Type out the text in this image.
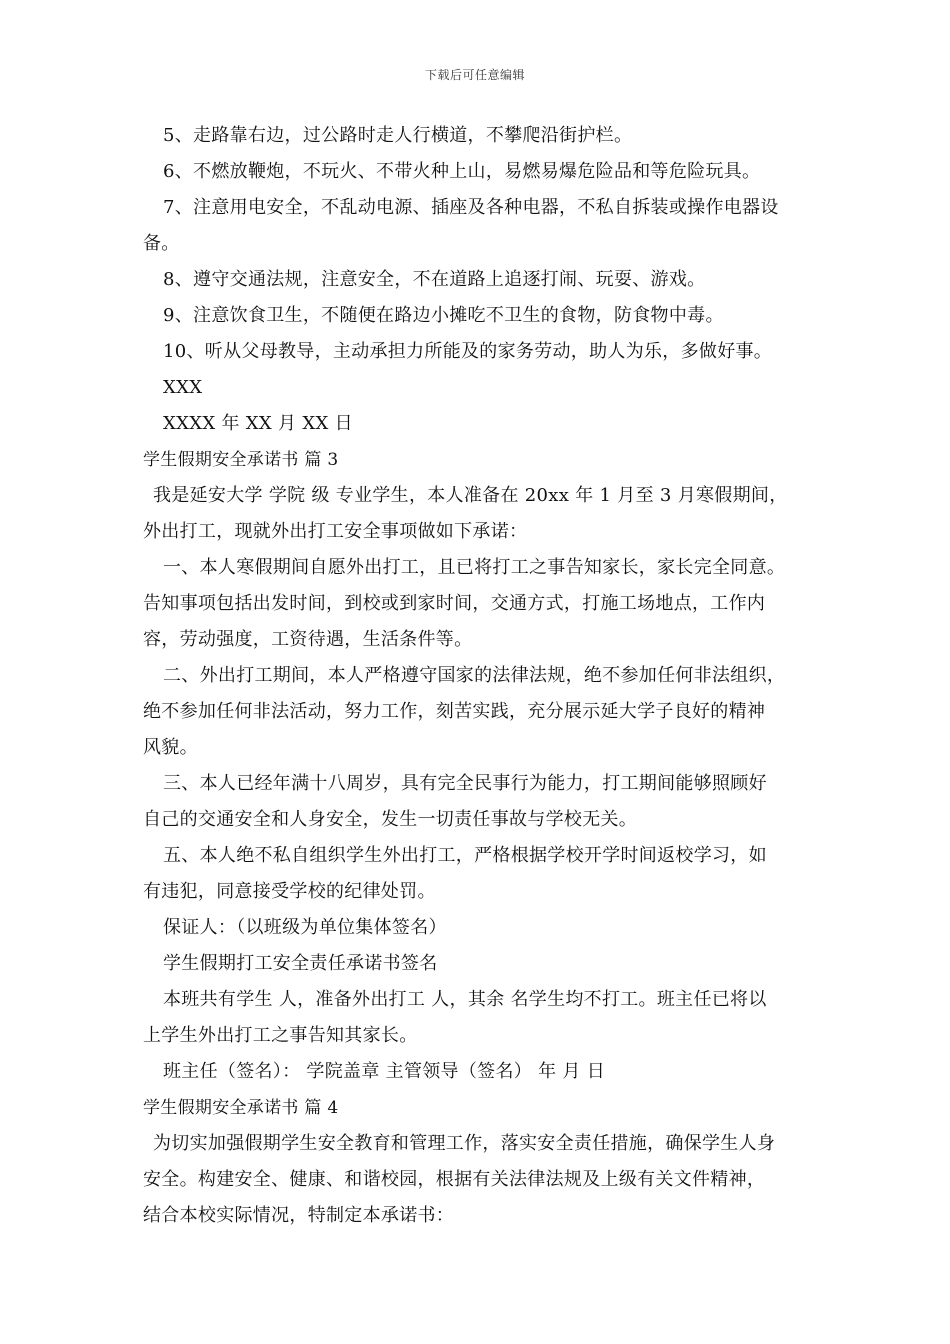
下载后可任意编辑
5、走路靠右边，过公路时走人行横道，不攀爬沿街护栏。
6、不燃放鞭炮，不玩火、不带火种上山，易燃易爆危险品和等危险玩具。
7、注意用电安全，不乱动电源、插座及各种电器，不私自拆装或操作电器设
备。
8、遵守交通法规，注意安全，不在道路上追逐打闹、玩耍、游戏。
9、注意饮食卫生，不随便在路边小摊吃不卫生的食物，防食物中毒。
10、听从父母教导，主动承担力所能及的家务劳动，助人为乐，多做好事。
XXX
XXXX 年 XX 月 XX 日
学生假期安全承诺书 篇 3
我是延安大学 学院 级 专业学生，本人准备在 20xx 年 1 月至 3 月寒假期间，
外出打工，现就外出打工安全事项做如下承诺：
一、本人寒假期间自愿外出打工，且已将打工之事告知家长，家长完全同意。
告知事项包括出发时间，到校或到家时间，交通方式，打施工场地点，工作内
容，劳动强度，工资待遇，生活条件等。
二、外出打工期间，本人严格遵守国家的法律法规，绝不参加任何非法组织，
绝不参加任何非法活动，努力工作，刻苦实践，充分展示延大学子良好的精神
风貌。
三、本人已经年满十八周岁，具有完全民事行为能力，打工期间能够照顾好
自己的交通安全和人身安全，发生一切责任事故与学校无关。
五、本人绝不私自组织学生外出打工，严格根据学校开学时间返校学习，如
有违犯，同意接受学校的纪律处罚。
保证人：（以班级为单位集体签名）
学生假期打工安全责任承诺书签名
本班共有学生 人，准备外出打工 人，其余 名学生均不打工。班主任已将以
上学生外出打工之事告知其家长。
班主任（签名）： 学院盖章 主管领导（签名） 年 月 日
学生假期安全承诺书 篇 4
为切实加强假期学生安全教育和管理工作，落实安全责任措施，确保学生人身
安全。构建安全、健康、和谐校园，根据有关法律法规及上级有关文件精神，
结合本校实际情况，特制定本承诺书：
